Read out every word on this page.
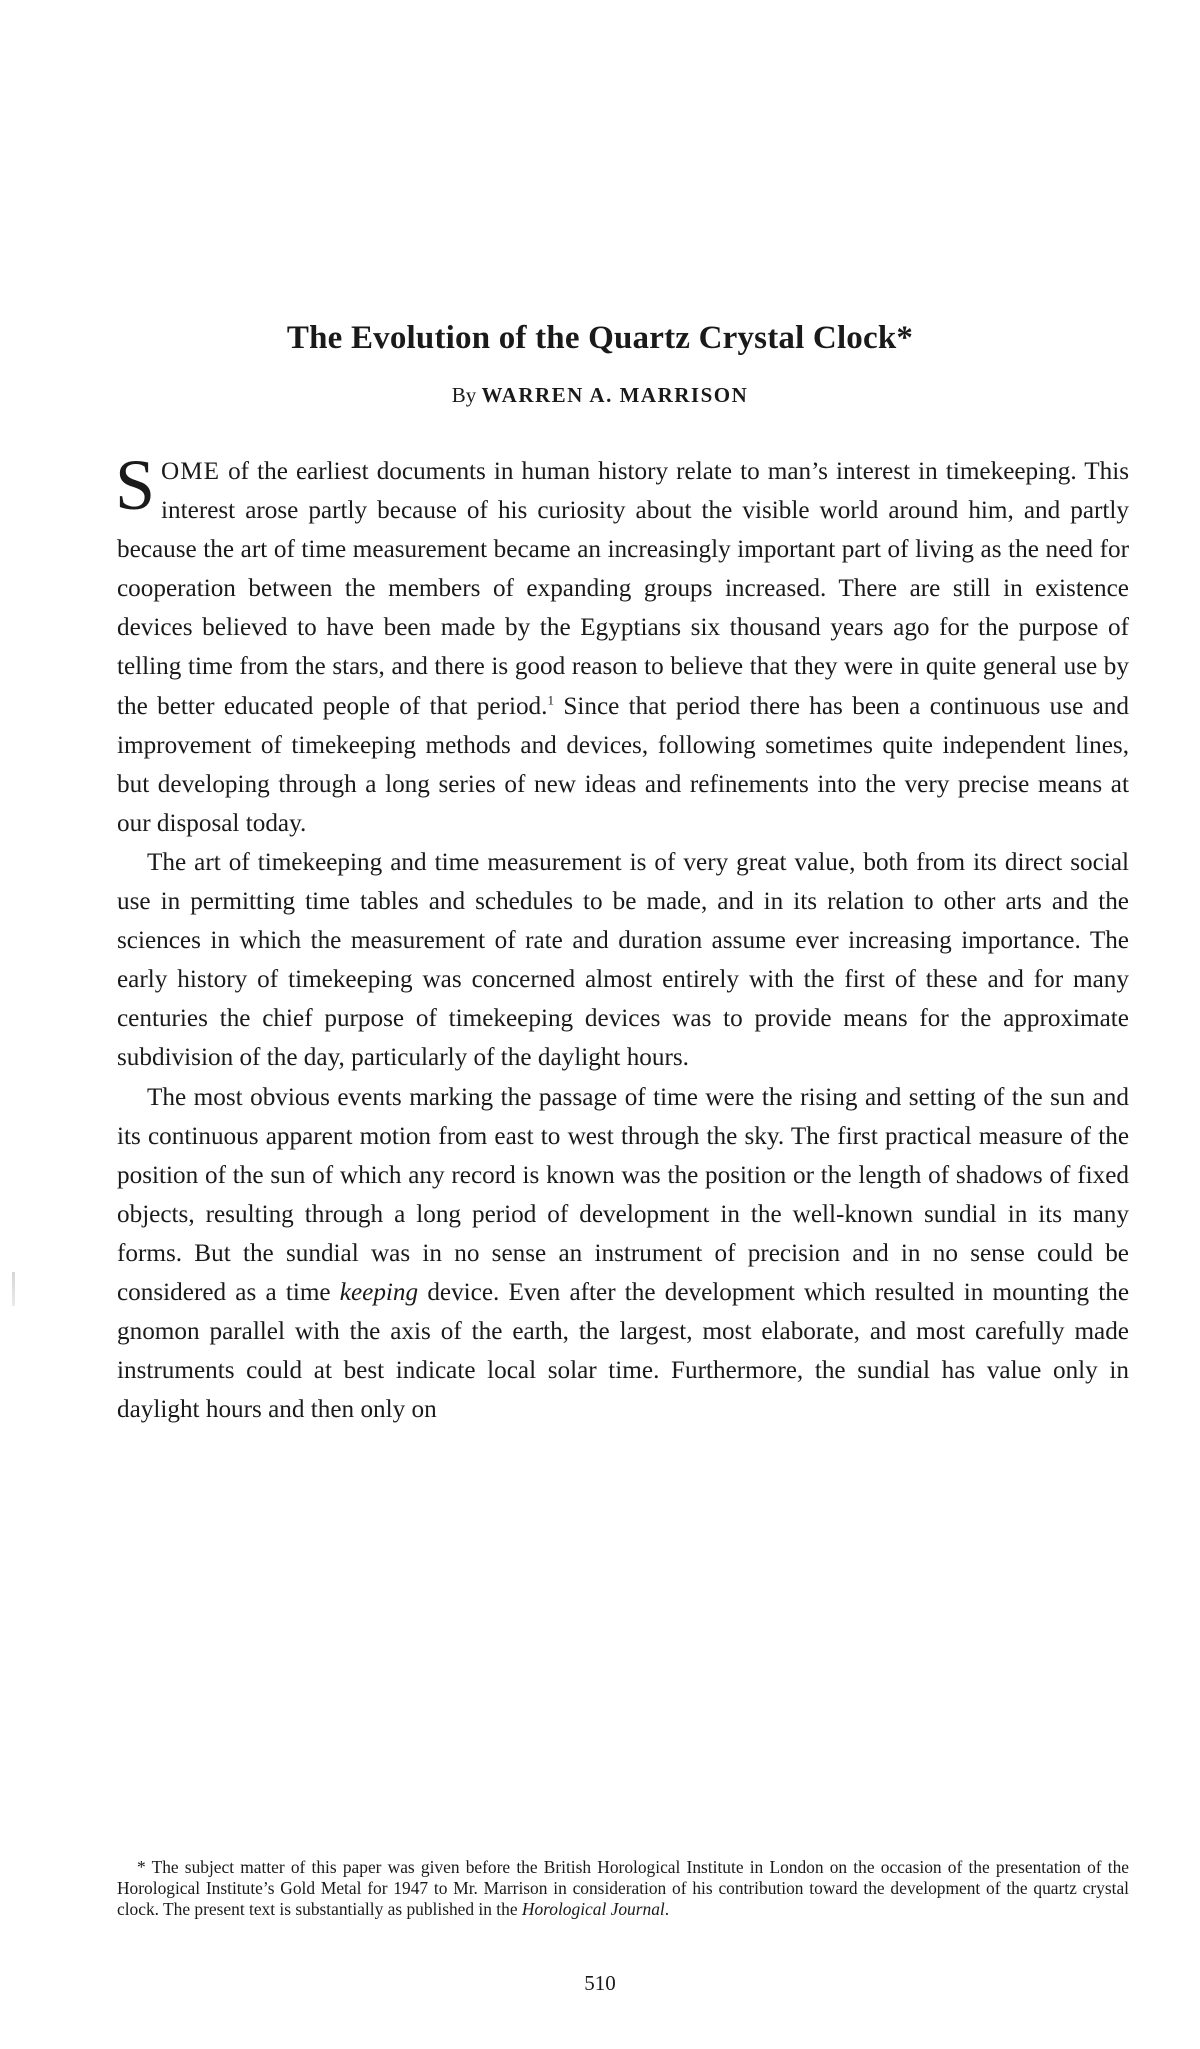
The Evolution of the Quartz Crystal Clock*
By WARREN A. MARRISON

SOME of the earliest documents in human history relate to man’s interest in timekeeping. This interest arose partly because of his curiosity about the visible world around him, and partly because the art of time measurement became an increasingly important part of living as the need for cooperation between the members of expanding groups increased. There are still in existence devices believed to have been made by the Egyptians six thousand years ago for the purpose of telling time from the stars, and there is good reason to believe that they were in quite general use by the better educated people of that period.$^1$ Since that period there has been a continuous use and improvement of timekeeping methods and devices, following sometimes quite independent lines, but developing through a long series of new ideas and refinements into the very precise means at our disposal today.

The art of timekeeping and time measurement is of very great value, both from its direct social use in permitting time tables and schedules to be made, and in its relation to other arts and the sciences in which the measurement of rate and duration assume ever increasing importance. The early history of timekeeping was concerned almost entirely with the first of these and for many centuries the chief purpose of timekeeping devices was to provide means for the approximate subdivision of the day, particularly of the daylight hours.

The most obvious events marking the passage of time were the rising and setting of the sun and its continuous apparent motion from east to west through the sky. The first practical measure of the position of the sun of which any record is known was the position or the length of shadows of fixed objects, resulting through a long period of development in the well-known sundial in its many forms. But the sundial was in no sense an instrument of precision and in no sense could be considered as a time keeping device. Even after the development which resulted in mounting the gnomon parallel with the axis of the earth, the largest, most elaborate, and most carefully made instruments could at best indicate local solar time. Furthermore, the sundial has value only in daylight hours and then only on

* The subject matter of this paper was given before the British Horological Institute in London on the occasion of the presentation of the Horological Institute’s Gold Metal for 1947 to Mr. Marrison in consideration of his contribution toward the development of the quartz crystal clock. The present text is substantially as published in the Horological Journal.

510
